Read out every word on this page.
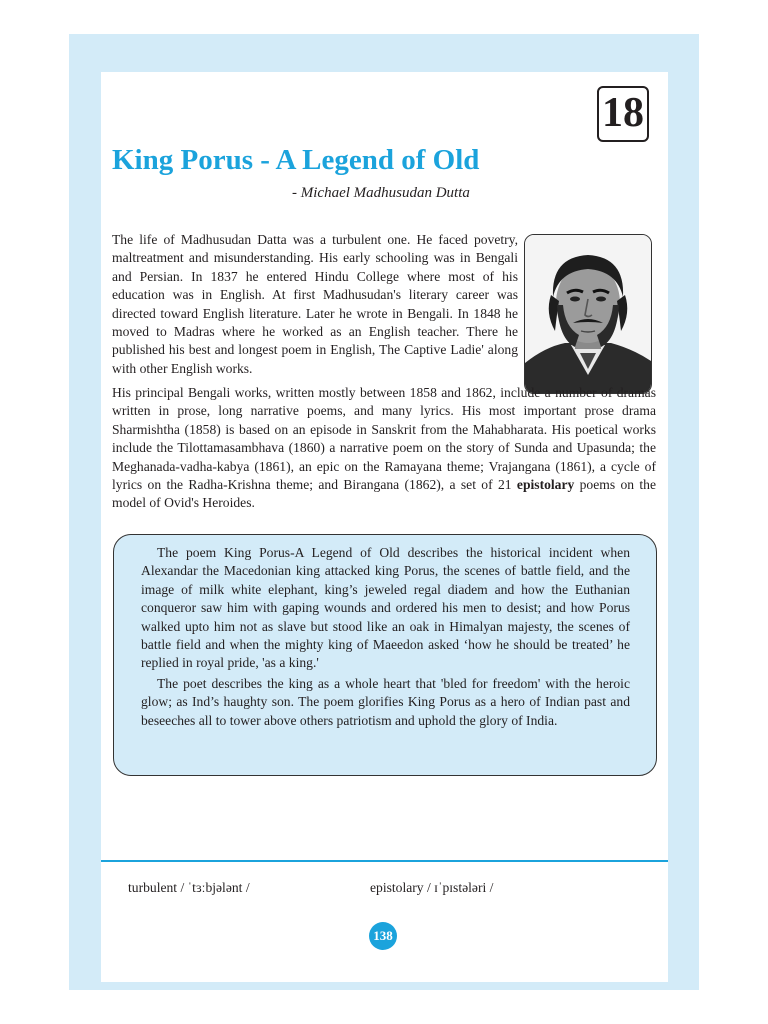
18
King Porus - A Legend of Old
- Michael Madhusudan Dutta

The life of Madhusudan Datta was a turbulent one. He faced povetry, maltreatment and misunderstanding. His early schooling was in Bengali and Persian. In 1837 he entered Hindu College where most of his education was in English. At first Madhusudan's literary career was directed toward English literature. Later he wrote in Bengali. In 1848 he moved to Madras where he worked as an English teacher. There he published his best and longest poem in English, The Captive Ladie' along with other English works.

His principal Bengali works, written mostly between 1858 and 1862, include a number of dramas written in prose, long narrative poems, and many lyrics. His most important prose drama Sharmishtha (1858) is based on an episode in Sanskrit from the Mahabharata. His poetical works include the Tilottamasambhava (1860) a narrative poem on the story of Sunda and Upasunda; the Meghanada-vadha-kabya (1861), an epic on the Ramayana theme; Vrajangana (1861), a cycle of lyrics on the Radha-Krishna theme; and Birangana (1862), a set of 21 epistolary poems on the model of Ovid's Heroides.

The poem King Porus-A Legend of Old describes the historical incident when Alexandar the Macedonian king attacked king Porus, the scenes of battle field, and the image of milk white elephant, king’s jeweled regal diadem and how the Euthanian conqueror saw him with gaping wounds and ordered his men to desist; and how Porus walked upto him not as slave but stood like an oak in Himalyan majesty, the scenes of battle field and when the mighty king of Maeedon asked ‘how he should be treated’ he replied in royal pride, 'as a king.'

The poet describes the king as a whole heart that 'bled for freedom' with the heroic glow; as Ind’s haughty son. The poem glorifies King Porus as a hero of Indian past and beseeches all to tower above others patriotism and uphold the glory of India.

turbulent / ˈtɜːbjələnt /	epistolary / ɪˈpɪstələri /
138
